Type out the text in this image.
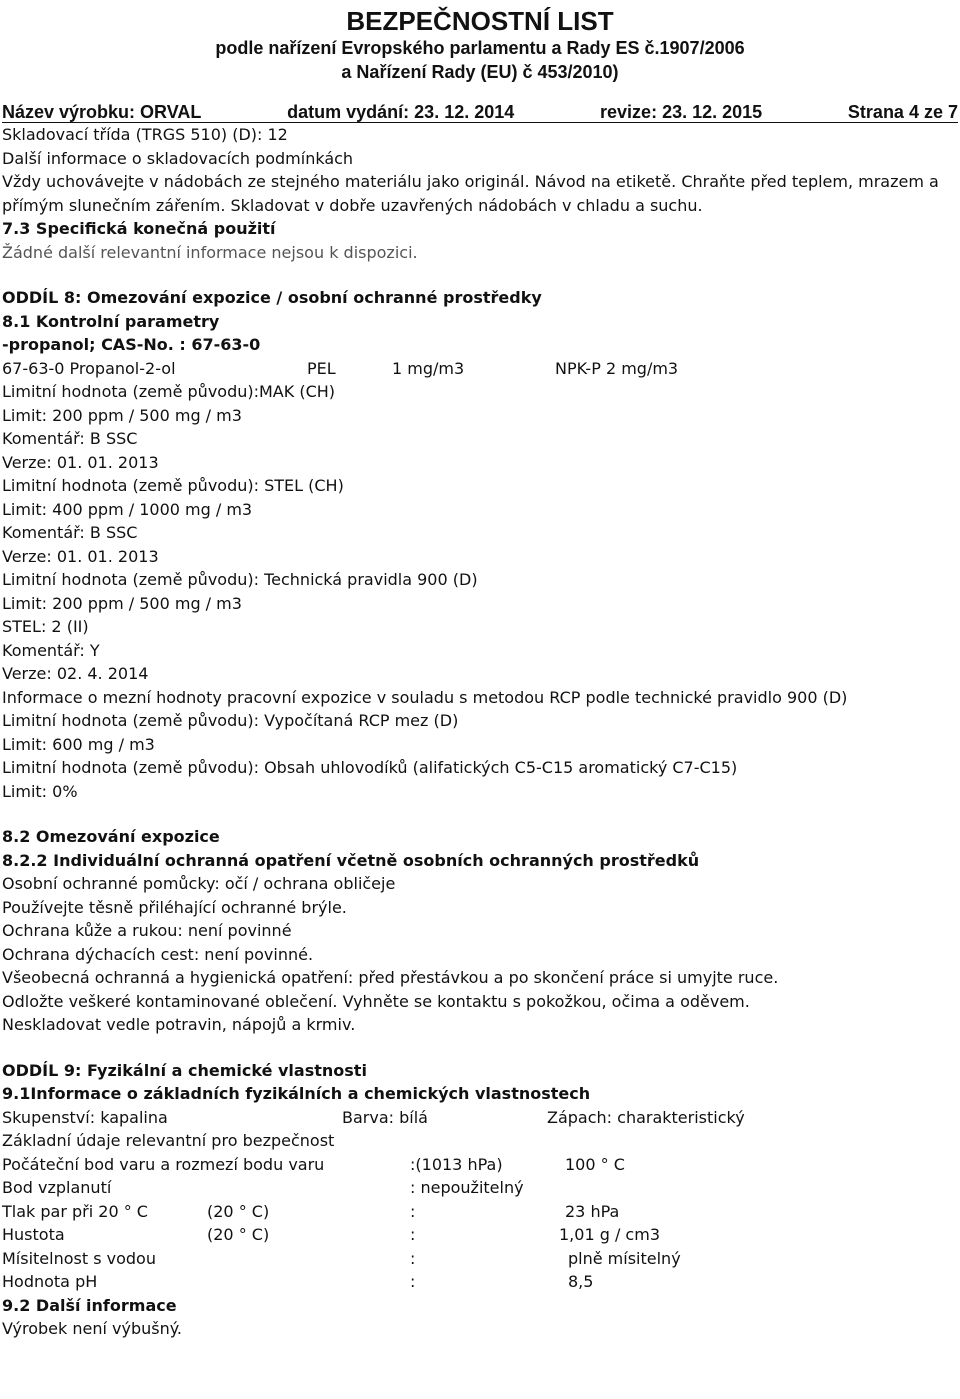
BEZPEČNOSTNÍ LIST
podle nařízení Evropského parlamentu a Rady ES č.1907/2006
a Nařízení Rady (EU) č 453/2010)
Název výrobku: ORVAL	datum vydání: 23. 12. 2014	revize: 23. 12. 2015	Strana 4 ze 7
Skladovací třída (TRGS 510) (D): 12
Další informace o skladovacích podmínkách
Vždy uchovávejte v nádobách ze stejného materiálu jako originál. Návod na etiketě. Chraňte před teplem, mrazem a přímým slunečním zářením. Skladovat v dobře uzavřených nádobách v chladu a suchu.
7.3 Specifická konečná použití
Žádné další relevantní informace nejsou k dispozici.
ODDÍL 8: Omezování expozice / osobní ochranné prostředky
8.1 Kontrolní parametry
-propanol; CAS-No. : 67-63-0
67-63-0 Propanol-2-ol	PEL	1 mg/m3	NPK-P 2 mg/m3
Limitní hodnota (země původu):MAK (CH)
Limit: 200 ppm / 500 mg / m3
Komentář: B SSC
Verze: 01. 01. 2013
Limitní hodnota (země původu): STEL (CH)
Limit: 400 ppm / 1000 mg / m3
Komentář: B SSC
Verze: 01. 01. 2013
Limitní hodnota (země původu): Technická pravidla 900 (D)
Limit: 200 ppm / 500 mg / m3
STEL: 2 (II)
Komentář: Y
Verze: 02. 4. 2014
Informace o mezní hodnoty pracovní expozice v souladu s metodou RCP podle technické pravidlo 900 (D)
Limitní hodnota (země původu): Vypočítaná RCP mez (D)
Limit: 600 mg / m3
Limitní hodnota (země původu): Obsah uhlovodíků (alifatických C5-C15 aromatický C7-C15)
Limit: 0%
8.2 Omezování expozice
8.2.2 Individuální ochranná opatření včetně osobních ochranných prostředků
Osobní ochranné pomůcky: očí / ochrana obličeje
Používejte těsně přiléhající ochranné brýle.
Ochrana kůže a rukou: není povinné
Ochrana dýchacích cest: není povinné.
Všeobecná ochranná a hygienická opatření: před přestávkou a po skončení práce si umyjte ruce.
Odložte veškeré kontaminované oblečení. Vyhněte se kontaktu s pokožkou, očima a oděvem.
Neskladovat vedle potravin, nápojů a krmiv.
ODDÍL 9: Fyzikální a chemické vlastnosti
9.1Informace o základních fyzikálních a chemických vlastnostech
Skupenství: kapalina	Barva: bílá	Zápach: charakteristický
Základní údaje relevantní pro bezpečnost
Počáteční bod varu a rozmezí bodu varu	:(1013 hPa)	100 ° C
Bod vzplanutí	: nepoužitelný
Tlak par při 20 ° C	(20 ° C)	:	23 hPa
Hustota	(20 ° C)	:	1,01 g / cm3
Mísitelnost s vodou	:	plně mísitelný
Hodnota pH	:	8,5
9.2 Další informace
Výrobek není výbušný.
